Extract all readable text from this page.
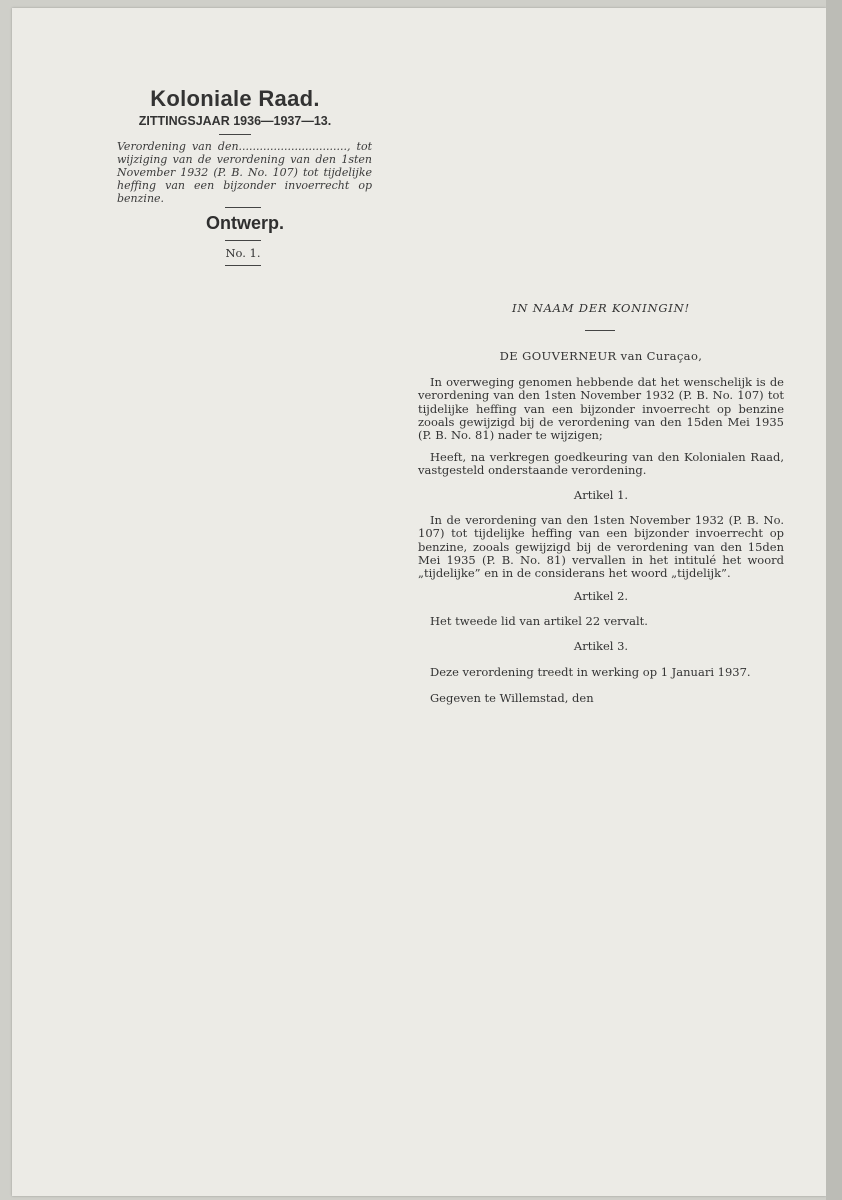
Koloniale Raad.
ZITTINGSJAAR 1936—1937—13.
Verordening van den..............................., tot wijziging van de verordening van den 1sten November 1932 (P. B. No. 107) tot tijdelijke heffing van een bijzonder invoerrecht op benzine.
Ontwerp.
No. 1.
IN NAAM DER KONINGIN!
DE GOUVERNEUR van Curaçao,
In overweging genomen hebbende dat het wenschelijk is de verordening van den 1sten November 1932 (P. B. No. 107) tot tijdelijke heffing van een bijzonder invoerrecht op benzine zooals gewijzigd bij de verordening van den 15den Mei 1935 (P. B. No. 81) nader te wijzigen;
Heeft, na verkregen goedkeuring van den Kolonialen Raad, vastgesteld onderstaande verordening.
Artikel 1.
In de verordening van den 1sten November 1932 (P. B. No. 107) tot tijdelijke heffing van een bijzonder invoerrecht op benzine, zooals gewijzigd bij de verordening van den 15den Mei 1935 (P. B. No. 81) vervallen in het intitulé het woord „tijdelijke” en in de considerans het woord „tijdelijk”.
Artikel 2.
Het tweede lid van artikel 22 vervalt.
Artikel 3.
Deze verordening treedt in werking op 1 Januari 1937.
Gegeven te Willemstad, den
